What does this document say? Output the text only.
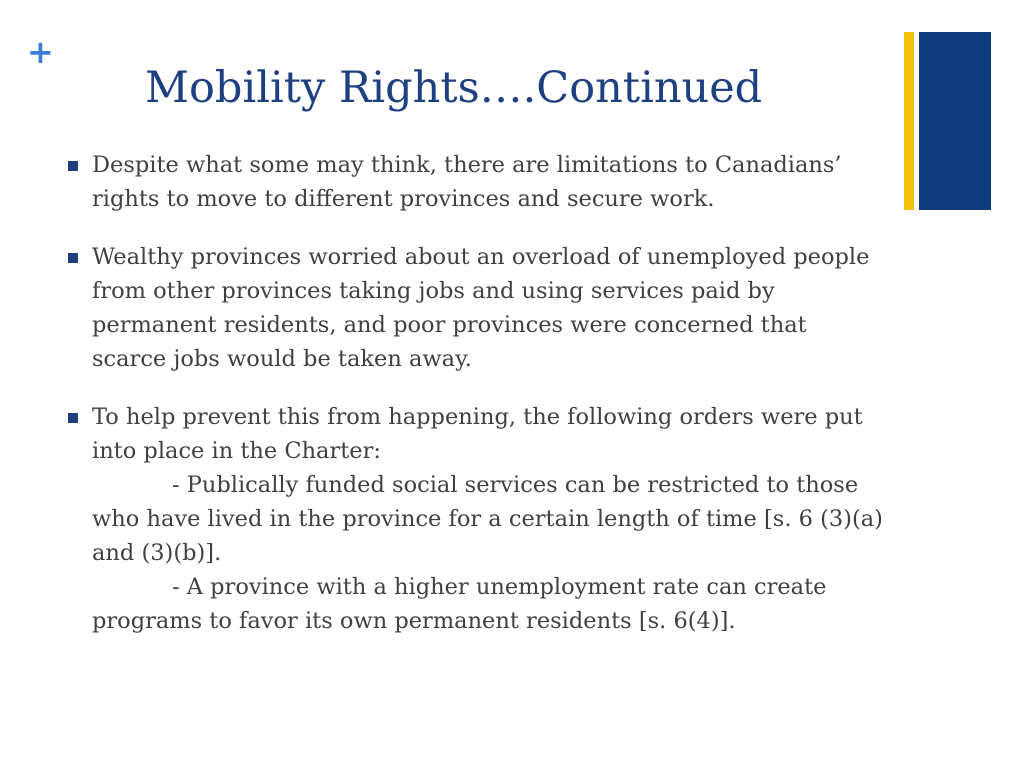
+
Mobility Rights….Continued
Despite what some may think, there are limitations to Canadians’ rights to move to different provinces and secure work.
Wealthy provinces worried about an overload of unemployed people from other provinces taking jobs and using services paid by permanent residents, and poor provinces were concerned that scarce jobs would be taken away.
To help prevent this from happening, the following orders were put into place in the Charter:
- Publically funded social services can be restricted to those who have lived in the province for a certain length of time [s. 6 (3)(a) and (3)(b)].
- A province with a higher unemployment rate can create programs to favor its own permanent residents [s. 6(4)].
